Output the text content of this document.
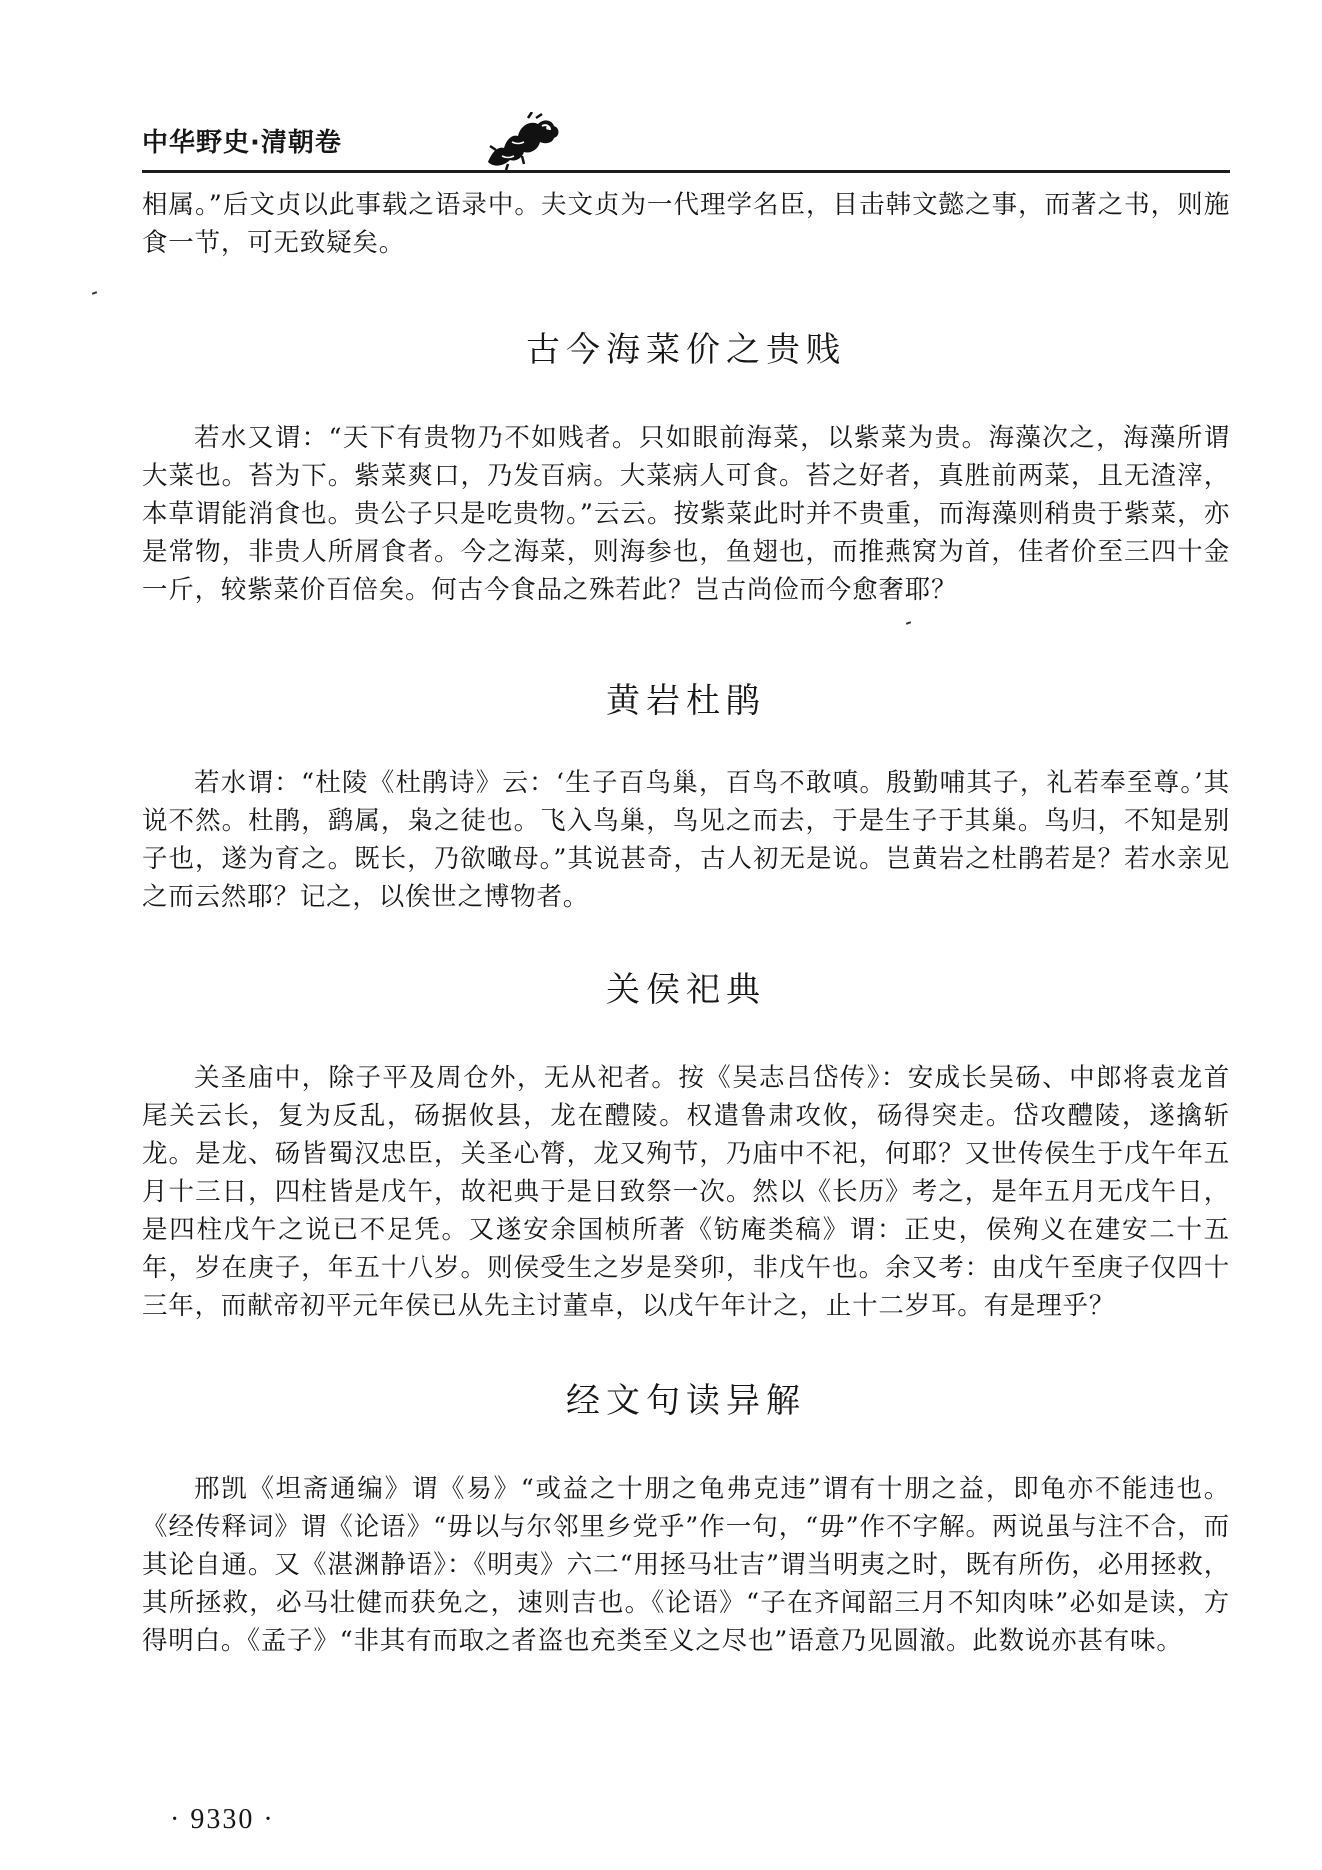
中华野史·清朝卷

相属。”后文贞以此事载之语录中。夫文贞为一代理学名臣，目击韩文懿之事，而著之书，则施食一节，可无致疑矣。

古今海菜价之贵贱

若水又谓：“天下有贵物乃不如贱者。只如眼前海菜，以紫菜为贵。海藻次之，海藻所谓大菜也。苔为下。紫菜爽口，乃发百病。大菜病人可食。苔之好者，真胜前两菜，且无渣滓，本草谓能消食也。贵公子只是吃贵物。”云云。按紫菜此时并不贵重，而海藻则稍贵于紫菜，亦是常物，非贵人所屑食者。今之海菜，则海参也，鱼翅也，而推燕窝为首，佳者价至三四十金一斤，较紫菜价百倍矣。何古今食品之殊若此？岂古尚俭而今愈奢耶？

黄岩杜鹃

若水谓：“杜陵《杜鹃诗》云：‘生子百鸟巢，百鸟不敢嗔。殷勤哺其子，礼若奉至尊。’其说不然。杜鹃，鹞属，枭之徒也。飞入鸟巢，鸟见之而去，于是生子于其巢。鸟归，不知是别子也，遂为育之。既长，乃欲噉母。”其说甚奇，古人初无是说。岂黄岩之杜鹃若是？若水亲见之而云然耶？记之，以俟世之博物者。

关侯祀典

关圣庙中，除子平及周仓外，无从祀者。按《吴志吕岱传》：安成长吴砀、中郎将袁龙首尾关云长，复为反乱，砀据攸县，龙在醴陵。权遣鲁肃攻攸，砀得突走。岱攻醴陵，遂擒斩龙。是龙、砀皆蜀汉忠臣，关圣心膂，龙又殉节，乃庙中不祀，何耶？又世传侯生于戊午年五月十三日，四柱皆是戊午，故祀典于是日致祭一次。然以《长历》考之，是年五月无戊午日，是四柱戊午之说已不足凭。又遂安余国桢所著《钫庵类稿》谓：正史，侯殉义在建安二十五年，岁在庚子，年五十八岁。则侯受生之岁是癸卯，非戊午也。余又考：由戊午至庚子仅四十三年，而献帝初平元年侯已从先主讨董卓，以戊午年计之，止十二岁耳。有是理乎？

经文句读异解

邢凯《坦斋通编》谓《易》“或益之十朋之龟弗克违”谓有十朋之益，即龟亦不能违也。《经传释词》谓《论语》“毋以与尔邻里乡党乎”作一句，“毋”作不字解。两说虽与注不合，而其论自通。又《湛渊静语》：《明夷》六二“用拯马壮吉”谓当明夷之时，既有所伤，必用拯救，其所拯救，必马壮健而获免之，速则吉也。《论语》“子在齐闻韶三月不知肉味”必如是读，方得明白。《孟子》“非其有而取之者盗也充类至义之尽也”语意乃见圆澈。此数说亦甚有味。

· 9330 ·
